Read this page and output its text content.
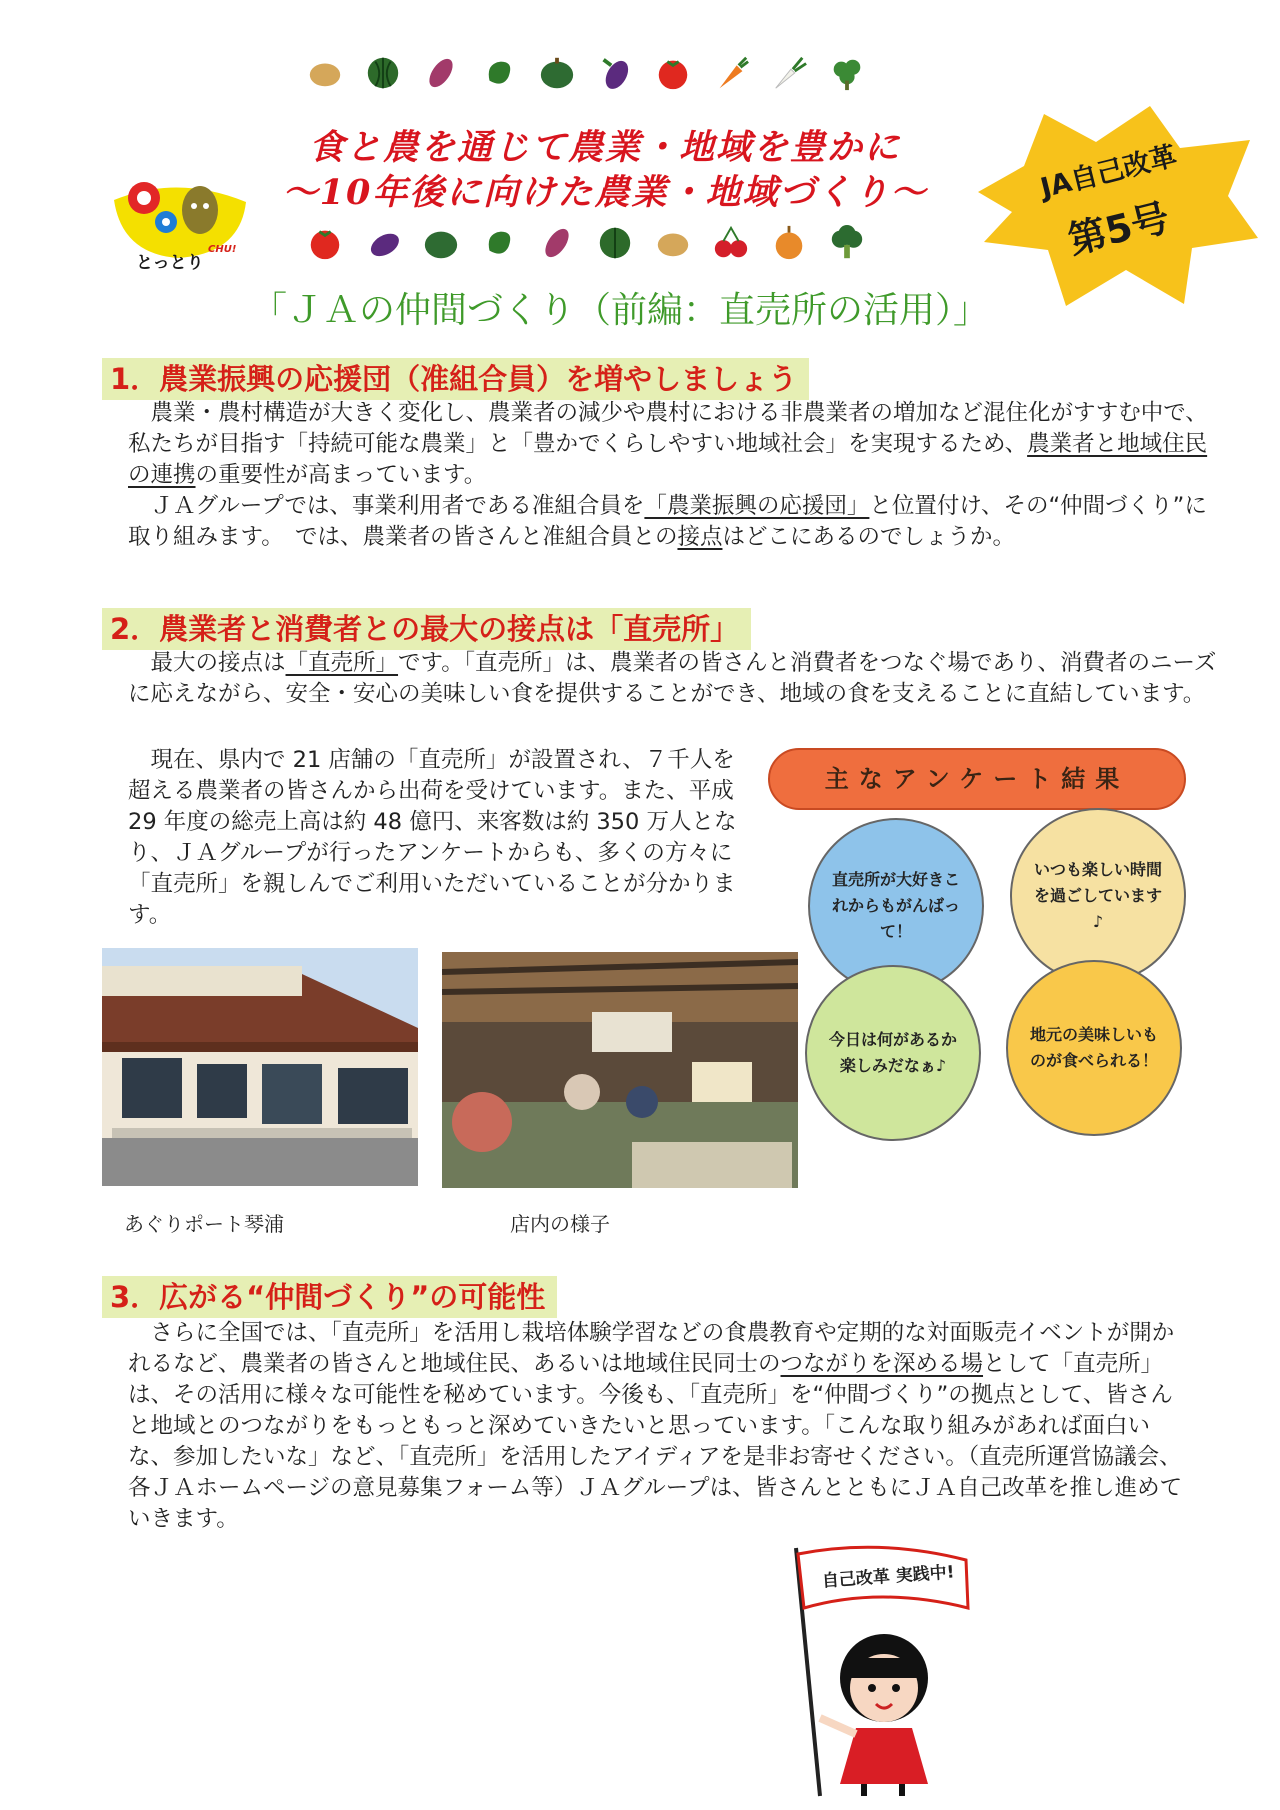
とっとり
CHU!
食と農を通じて農業・地域を豊かに
～10年後に向けた農業・地域づくり～	JA自己改革
第5号
「ＪＡの仲間づくり（前編：直売所の活用）」
1．農業振興の応援団（准組合員）を増やしましょう

農業・農村構造が大きく変化し、農業者の減少や農村における非農業者の増加など混住化がすすむ中で、私たちが目指す「持続可能な農業」と「豊かでくらしやすい地域社会」を実現するため、農業者と地域住民の連携の重要性が高まっています。

ＪＡグループでは、事業利用者である准組合員を「農業振興の応援団」と位置付け、その“仲間づくり”に取り組みます。　では、農業者の皆さんと准組合員との接点はどこにあるのでしょうか。

2．農業者と消費者との最大の接点は「直売所」

最大の接点は「直売所」です。「直売所」は、農業者の皆さんと消費者をつなぐ場であり、消費者のニーズに応えながら、安全・安心の美味しい食を提供することができ、地域の食を支えることに直結しています。

現在、県内で 21 店舗の「直売所」が設置され、７千人を超える農業者の皆さんから出荷を受けています。また、平成 29 年度の総売上高は約 48 億円、来客数は約 350 万人となり、ＪＡグループが行ったアンケートからも、多くの方々に「直売所」を親しんでご利用いただいていることが分かります。

主なアンケート結果
直売所が大好きこれからもがんばって！
いつも楽しい時間を過ごしています♪
今日は何があるか楽しみだなぁ♪
地元の美味しいものが食べられる！
あぐりポート琴浦	店内の様子
3．広がる“仲間づくり”の可能性

さらに全国では、「直売所」を活用し栽培体験学習などの食農教育や定期的な対面販売イベントが開かれるなど、農業者の皆さんと地域住民、あるいは地域住民同士のつながりを深める場として「直売所」は、その活用に様々な可能性を秘めています。今後も、「直売所」を“仲間づくり”の拠点として、皆さんと地域とのつながりをもっともっと深めていきたいと思っています。「こんな取り組みがあれば面白いな、参加したいな」など、「直売所」を活用したアイディアを是非お寄せください。（直売所運営協議会、各ＪＡホームページの意見募集フォーム等）ＪＡグループは、皆さんとともにＪＡ自己改革を推し進めていきます。

自己改革 実践中!
